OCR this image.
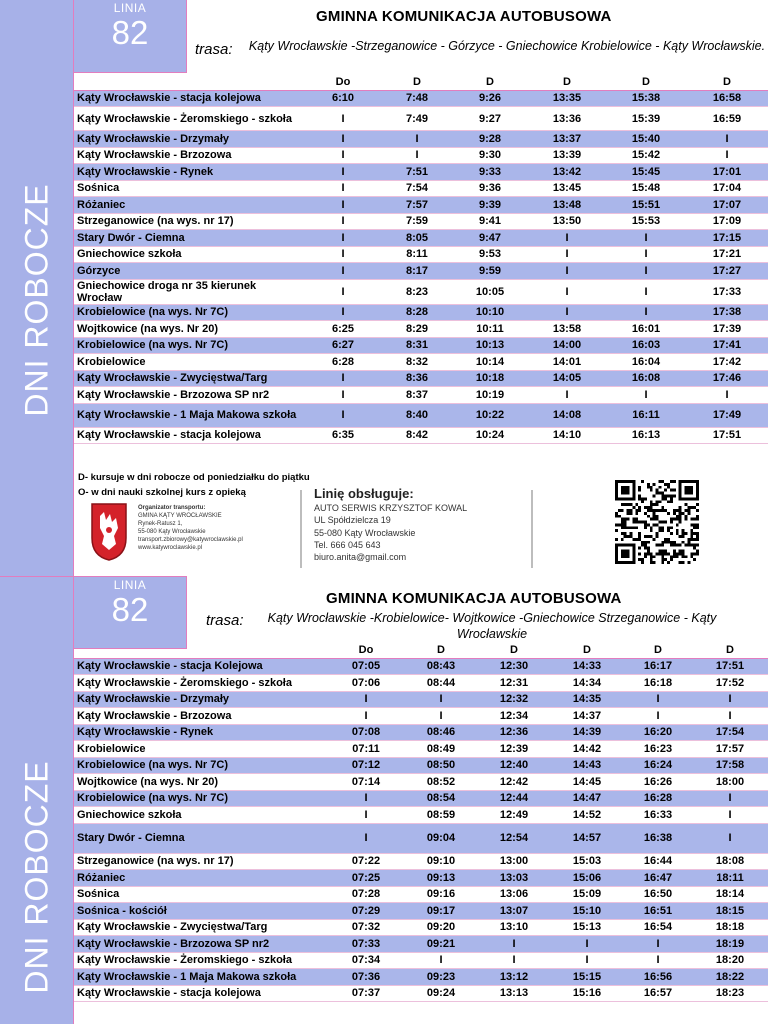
DNI ROBOCZE
LINIA
82	GMINNA KOMUNIKACJA AUTOBUSOWA
trasa: Kąty Wrocławskie -Strzeganowice - Górzyce - Gniechowice Krobielowice - Kąty Wrocławskie.
	Do	D	D	D	D	D
Kąty Wrocławskie - stacja kolejowa	6:10	7:48	9:26	13:35	15:38	16:58
Kąty Wrocławskie - Żeromskiego - szkoła	I	7:49	9:27	13:36	15:39	16:59
Kąty Wrocławskie - Drzymały	I	I	9:28	13:37	15:40	I
Kąty Wrocławskie - Brzozowa	I	I	9:30	13:39	15:42	I
Kąty Wrocławskie - Rynek	I	7:51	9:33	13:42	15:45	17:01
Sośnica	I	7:54	9:36	13:45	15:48	17:04
Różaniec	I	7:57	9:39	13:48	15:51	17:07
Strzeganowice (na wys. nr 17)	I	7:59	9:41	13:50	15:53	17:09
Stary Dwór - Ciemna	I	8:05	9:47	I	I	17:15
Gniechowice szkoła	I	8:11	9:53	I	I	17:21
Górzyce	I	8:17	9:59	I	I	17:27
Gniechowice droga nr 35 kierunek Wrocław	I	8:23	10:05	I	I	17:33
Krobielowice (na wys. Nr 7C)	I	8:28	10:10	I	I	17:38
Wojtkowice (na wys. Nr 20)	6:25	8:29	10:11	13:58	16:01	17:39
Krobielowice (na wys. Nr 7C)	6:27	8:31	10:13	14:00	16:03	17:41
Krobielowice	6:28	8:32	10:14	14:01	16:04	17:42
Kąty Wrocławskie - Zwycięstwa/Targ	I	8:36	10:18	14:05	16:08	17:46
Kąty Wrocławskie - Brzozowa SP nr2	I	8:37	10:19	I	I	I
Kąty Wrocławskie - 1 Maja Makowa szkoła	I	8:40	10:22	14:08	16:11	17:49
Kąty Wrocławskie - stacja kolejowa	6:35	8:42	10:24	14:10	16:13	17:51
D- kursuje w dni robocze od poniedziałku do piątku
O- w dni nauki szkolnej kurs z opieką
Organizator transportu:
GMINA KĄTY WROCŁAWSKIE
Rynek-Ratusz 1,
55-080 Kąty Wrocławskie
transport.zbiorowy@katywroclawskie.pl
www.katywroclawskie.pl
Linię obsługuje:
AUTO SERWIS KRZYSZTOF KOWAL
UL Spółdzielcza 19
55-080 Kąty Wrocławskie
Tel. 666 045 643
biuro.anita@gmail.com
DNI ROBOCZE
LINIA
82	GMINNA KOMUNIKACJA AUTOBUSOWA
trasa:	Kąty Wrocławskie -Krobielowice- Wojtkowice -Gniechowice Strzeganowice - Kąty Wrocławskie
	Do	D	D	D	D	D
Kąty Wrocławskie - stacja Kolejowa	07:05	08:43	12:30	14:33	16:17	17:51
Kąty Wrocławskie - Żeromskiego - szkoła	07:06	08:44	12:31	14:34	16:18	17:52
Kąty Wrocławskie - Drzymały	I	I	12:32	14:35	I	I
Kąty Wrocławskie - Brzozowa	I	I	12:34	14:37	I	I
Kąty Wrocławskie - Rynek	07:08	08:46	12:36	14:39	16:20	17:54
Krobielowice	07:11	08:49	12:39	14:42	16:23	17:57
Krobielowice (na wys. Nr 7C)	07:12	08:50	12:40	14:43	16:24	17:58
Wojtkowice (na wys. Nr 20)	07:14	08:52	12:42	14:45	16:26	18:00
Krobielowice (na wys. Nr 7C)	I	08:54	12:44	14:47	16:28	I
Gniechowice szkoła	I	08:59	12:49	14:52	16:33	I
Stary Dwór - Ciemna	I	09:04	12:54	14:57	16:38	I
Strzeganowice (na wys. nr 17)	07:22	09:10	13:00	15:03	16:44	18:08
Różaniec	07:25	09:13	13:03	15:06	16:47	18:11
Sośnica	07:28	09:16	13:06	15:09	16:50	18:14
Sośnica - kościół	07:29	09:17	13:07	15:10	16:51	18:15
Kąty Wrocławskie - Zwycięstwa/Targ	07:32	09:20	13:10	15:13	16:54	18:18
Kąty Wrocławskie - Brzozowa SP nr2	07:33	09:21	I	I	I	18:19
Kąty Wrocławskie - Żeromskiego - szkoła	07:34	I	I	I	I	18:20
Kąty Wrocławskie - 1 Maja Makowa szkoła	07:36	09:23	13:12	15:15	16:56	18:22
Kąty Wrocławskie - stacja kolejowa	07:37	09:24	13:13	15:16	16:57	18:23
